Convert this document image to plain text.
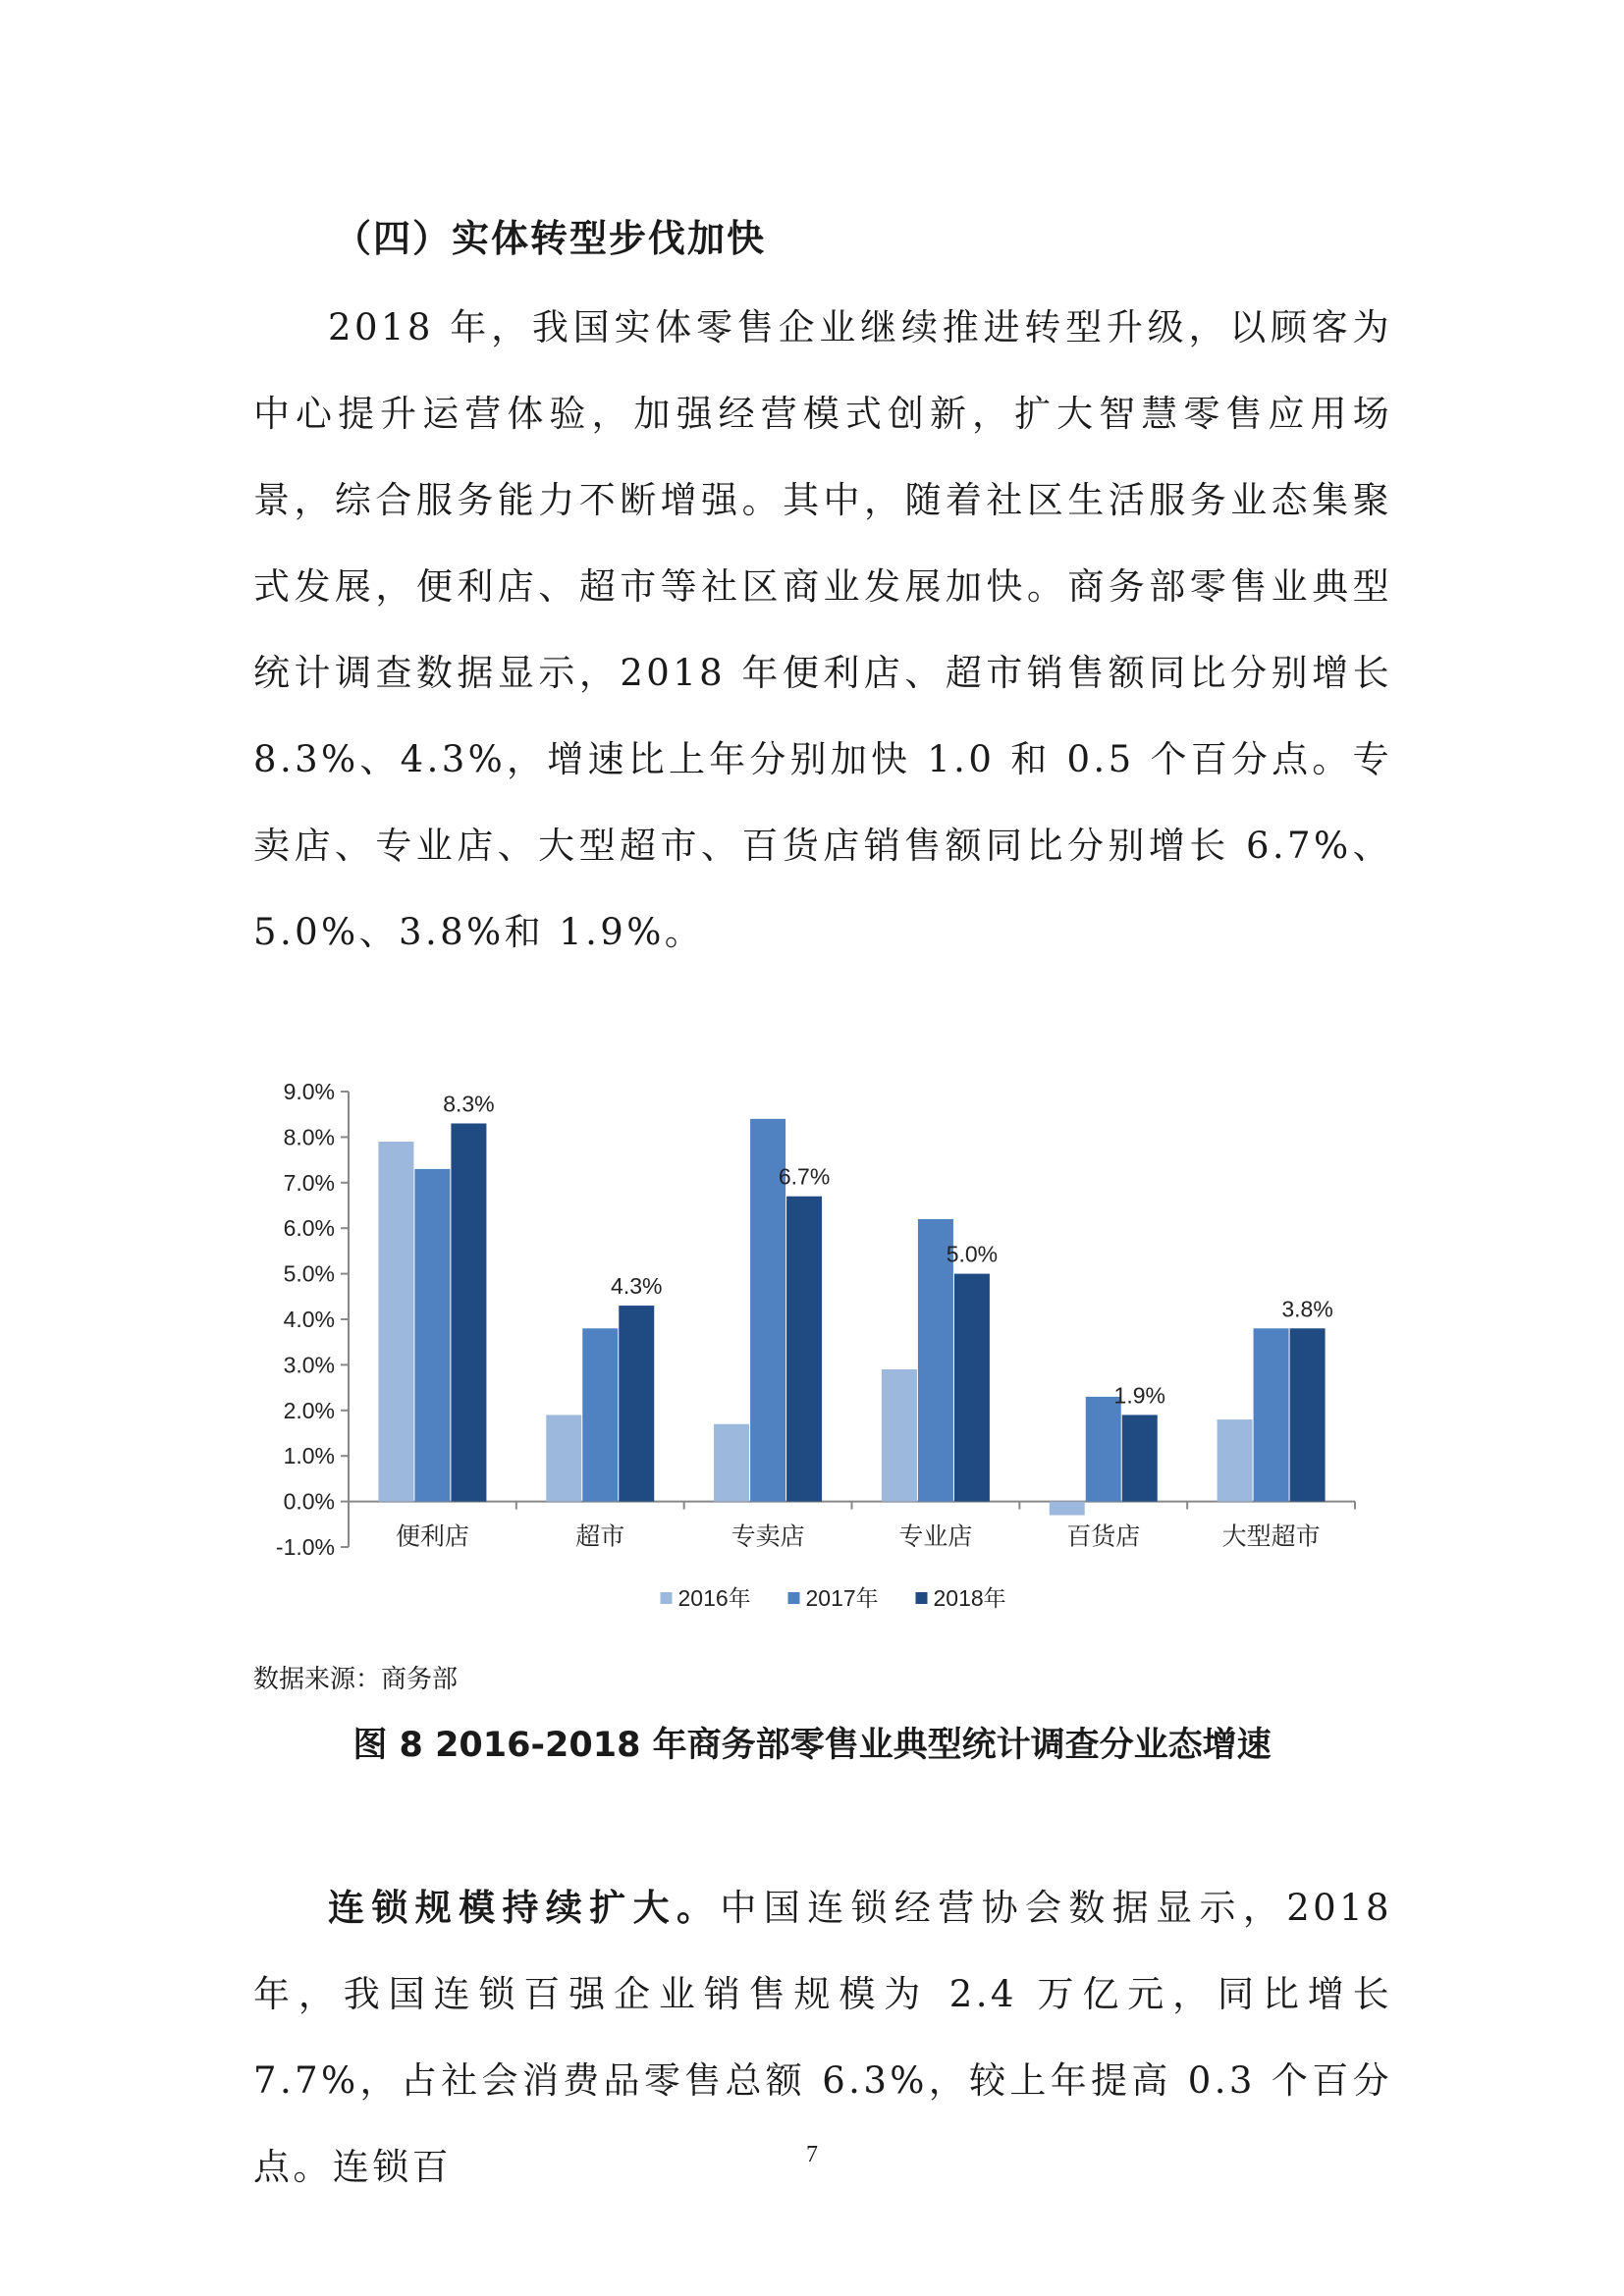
（四）实体转型步伐加快
2018 年，我国实体零售企业继续推进转型升级，以顾客为中心提升运营体验，加强经营模式创新，扩大智慧零售应用场景，综合服务能力不断增强。其中，随着社区生活服务业态集聚式发展，便利店、超市等社区商业发展加快。商务部零售业典型统计调查数据显示，2018 年便利店、超市销售额同比分别增长 8.3%、4.3%，增速比上年分别加快 1.0 和 0.5 个百分点。专卖店、专业店、大型超市、百货店销售额同比分别增长 6.7%、5.0%、3.8%和 1.9%。
9.0%
8.0%
7.0%
6.0%
5.0%
4.0%
3.0%
2.0%
1.0%
0.0%
-1.0%
8.3%
便利店
4.3%
超市
6.7%
专卖店
5.0%
专业店
1.9%
百货店
3.8%
大型超市
2016年 2017年 2018年
数据来源：商务部
图 8 2016-2018 年商务部零售业典型统计调查分业态增速
连锁规模持续扩大。中国连锁经营协会数据显示，2018 年，我国连锁百强企业销售规模为 2.4 万亿元，同比增长 7.7%，占社会消费品零售总额 6.3%，较上年提高 0.3 个百分点。连锁百	7
